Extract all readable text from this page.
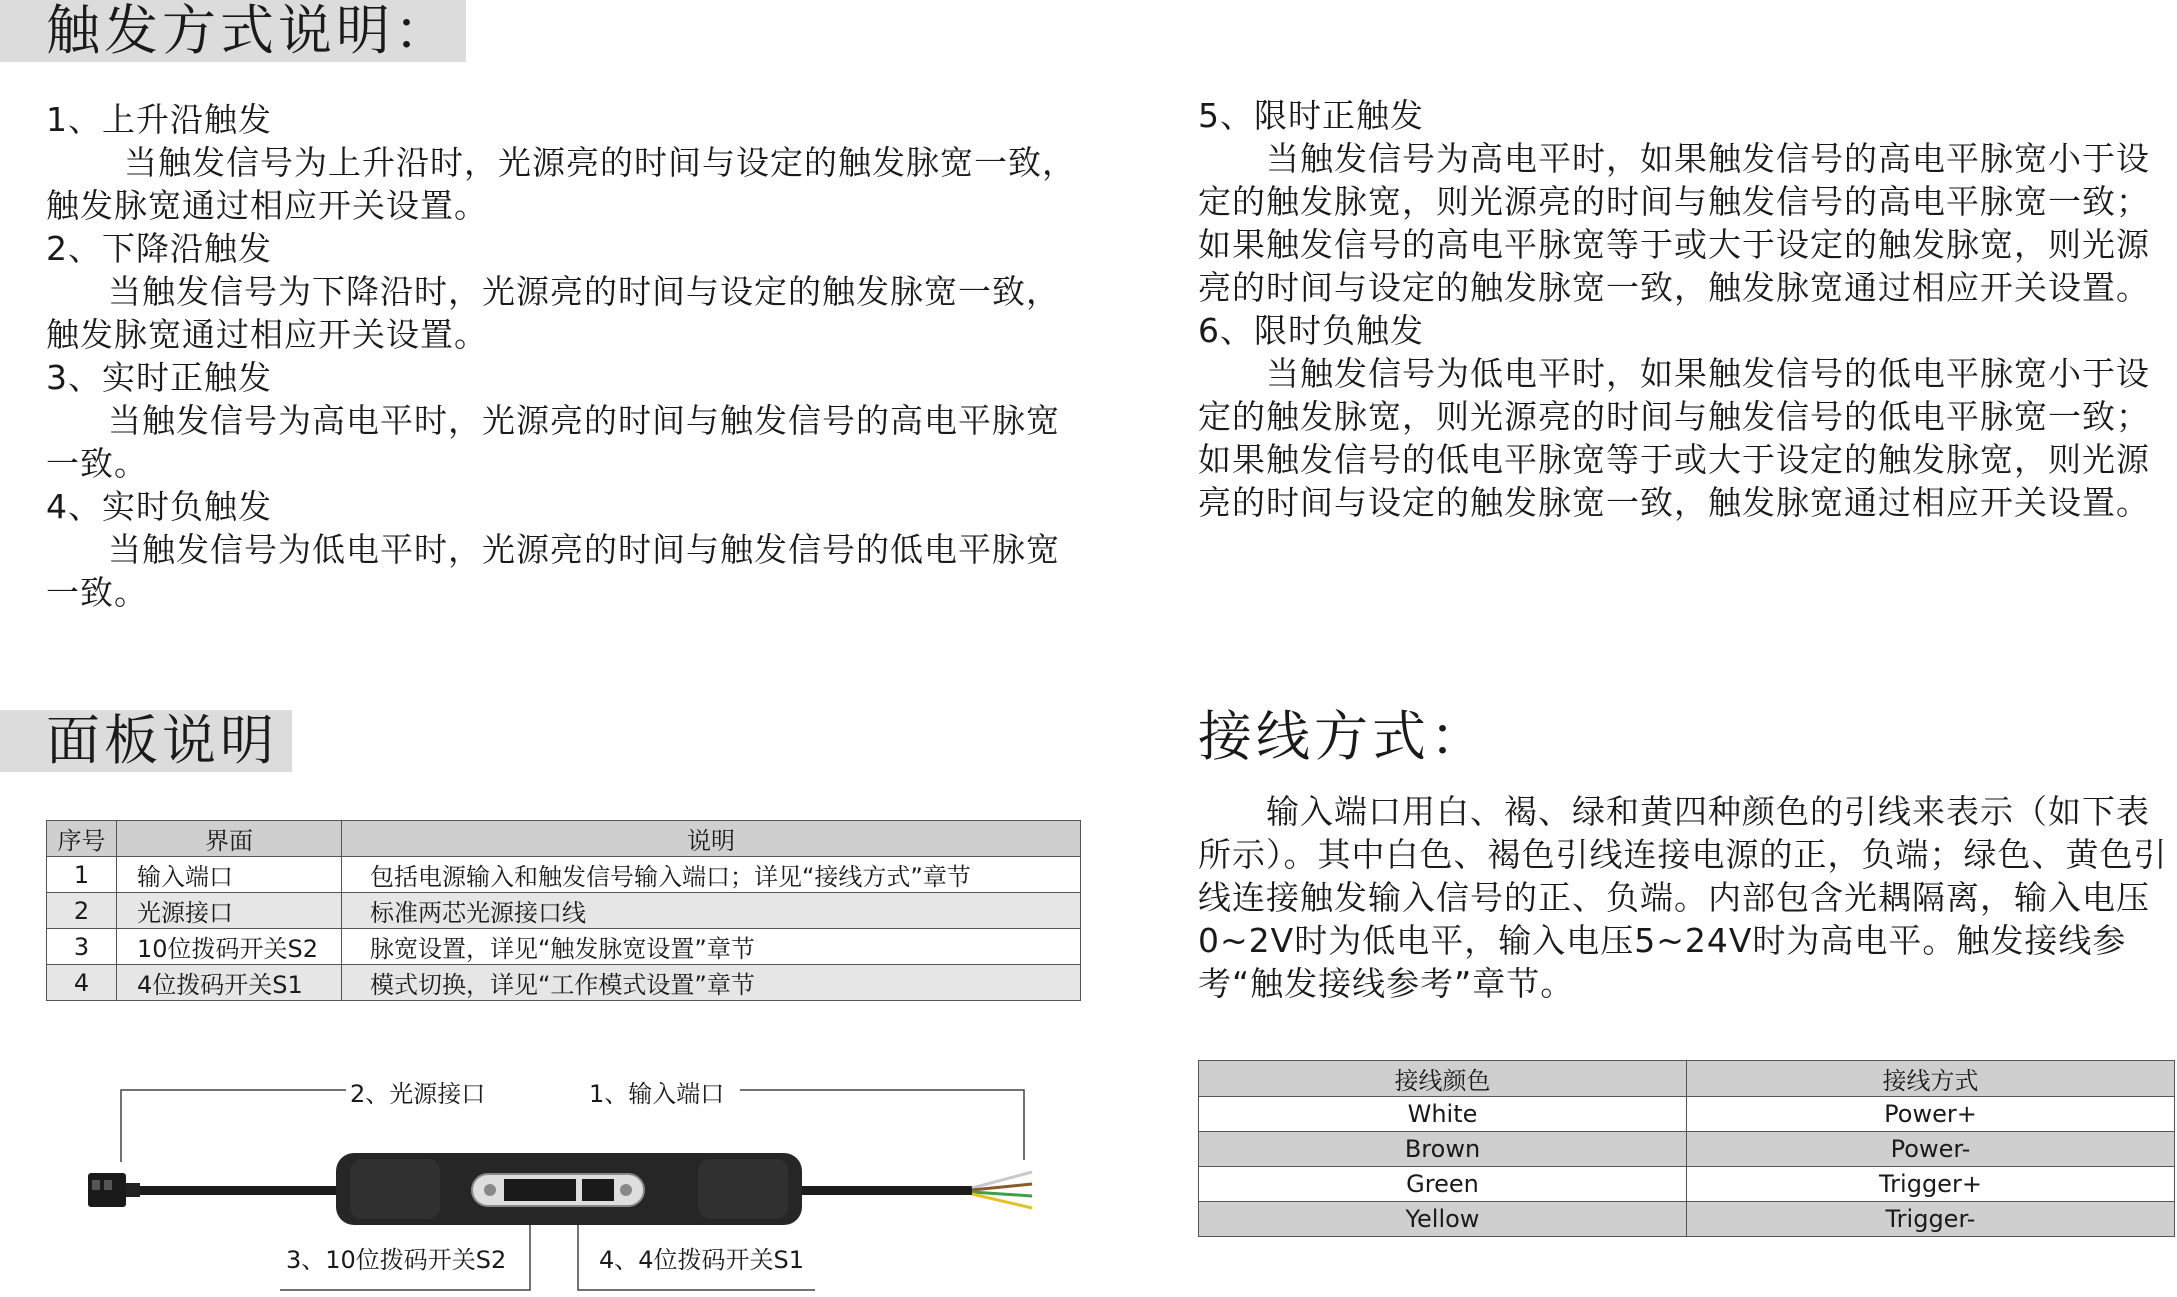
触发方式说明：

1、上升沿触发

当触发信号为上升沿时，光源亮的时间与设定的触发脉宽一致，触发脉宽通过相应开关设置。

2、下降沿触发

当触发信号为下降沿时，光源亮的时间与设定的触发脉宽一致，触发脉宽通过相应开关设置。

3、实时正触发

当触发信号为高电平时，光源亮的时间与触发信号的高电平脉宽一致。

4、实时负触发

当触发信号为低电平时，光源亮的时间与触发信号的低电平脉宽一致。

5、限时正触发

当触发信号为高电平时，如果触发信号的高电平脉宽小于设定的触发脉宽，则光源亮的时间与触发信号的高电平脉宽一致；如果触发信号的高电平脉宽等于或大于设定的触发脉宽，则光源亮的时间与设定的触发脉宽一致，触发脉宽通过相应开关设置。

6、限时负触发

当触发信号为低电平时，如果触发信号的低电平脉宽小于设定的触发脉宽，则光源亮的时间与触发信号的低电平脉宽一致；如果触发信号的低电平脉宽等于或大于设定的触发脉宽，则光源亮的时间与设定的触发脉宽一致，触发脉宽通过相应开关设置。

面板说明
序号	界面	说明
1	输入端口	包括电源输入和触发信号输入端口；详见“接线方式”章节
2	光源接口	标准两芯光源接口线
3	10位拨码开关S2	脉宽设置，详见“触发脉宽设置”章节
4	4位拨码开关S1	模式切换，详见“工作模式设置”章节
2、光源接口	1、输入端口
3、10位拨码开关S2	4、4位拨码开关S1
接线方式：

输入端口用白、褐、绿和黄四种颜色的引线来表示（如下表所示）。其中白色、褐色引线连接电源的正，负端；绿色、黄色引线连接触发输入信号的正、负端。内部包含光耦隔离，输入电压0~2V时为低电平，输入电压5~24V时为高电平。触发接线参考“触发接线参考”章节。

接线颜色	接线方式
White	Power+
Brown	Power-
Green	Trigger+
Yellow	Trigger-
